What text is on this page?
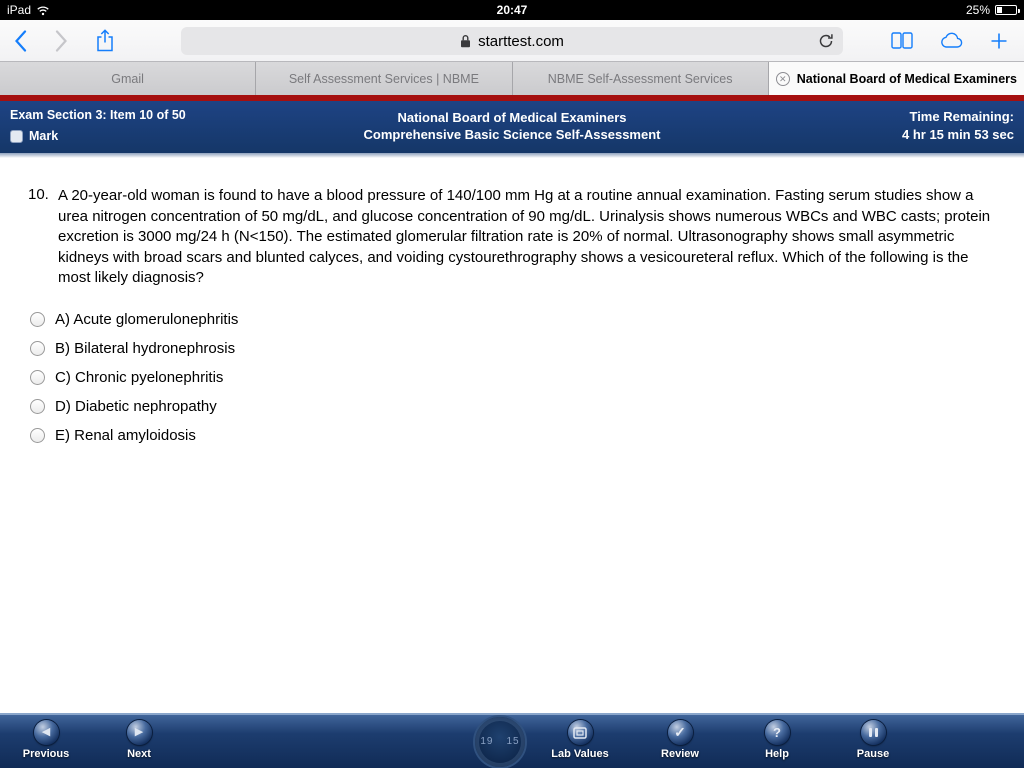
iPad	20:47	25%
starttest.com
Gmail	Self Assessment Services | NBME	NBME Self-Assessment Services	✕ National Board of Medical Examiners
Exam Section 3: Item 10 of 50
Mark
National Board of Medical Examiners
Comprehensive Basic Science Self-Assessment
Time Remaining:
4 hr 15 min 53 sec
10. A 20-year-old woman is found to have a blood pressure of 140/100 mm Hg at a routine annual examination. Fasting serum studies show a urea nitrogen concentration of 50 mg/dL, and glucose concentration of 90 mg/dL. Urinalysis shows numerous WBCs and WBC casts; protein excretion is 3000 mg/24 h (N<150). The estimated glomerular filtration rate is 20% of normal. Ultrasonography shows small asymmetric kidneys with broad scars and blunted calyces, and voiding cystourethrography shows a vesicoureteral reflux. Which of the following is the most likely diagnosis?
A) Acute glomerulonephritis
B) Bilateral hydronephrosis
C) Chronic pyelonephritis
D) Diabetic nephropathy
E) Renal amyloidosis
◀
Previous
▶
Next
19 15
Lab Values
✓
Review
?
Help	Pause
